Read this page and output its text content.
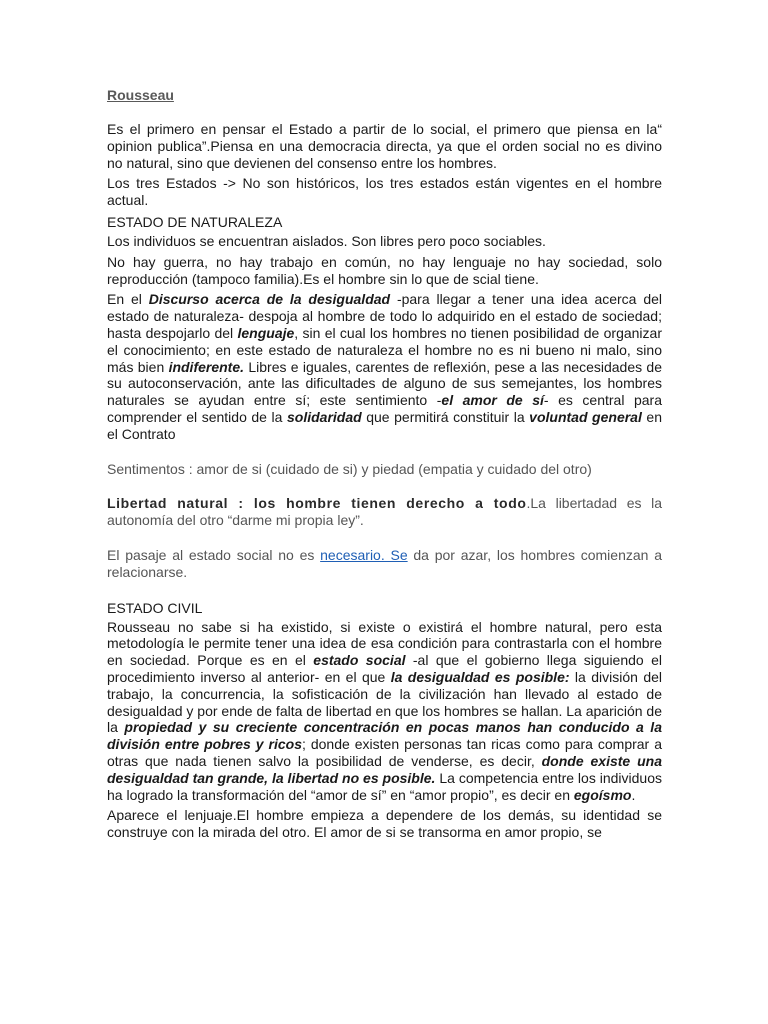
Rousseau

Es el primero en pensar el Estado a partir de lo social, el primero que piensa en la“ opinion publica”.Piensa en una democracia directa, ya que el orden social no es divino no natural, sino que devienen del consenso entre los hombres.

Los tres Estados -> No son históricos, los tres estados están vigentes en el hombre actual.

ESTADO DE NATURALEZA

Los individuos se encuentran aislados. Son libres pero poco sociables.

No hay guerra, no hay trabajo en común, no hay lenguaje no hay sociedad, solo reproducción (tampoco familia).Es el hombre sin lo que de scial tiene.

En el Discurso acerca de la desigualdad -para llegar a tener una idea acerca del estado de naturaleza- despoja al hombre de todo lo adquirido en el estado de sociedad; hasta despojarlo del lenguaje, sin el cual los hombres no tienen posibilidad de organizar el conocimiento; en este estado de naturaleza el hombre no es ni bueno ni malo, sino más bien indiferente. Libres e iguales, carentes de reflexión, pese a las necesidades de su autoconservación, ante las dificultades de alguno de sus semejantes, los hombres naturales se ayudan entre sí; este sentimiento -el amor de sí- es central para comprender el sentido de la solidaridad que permitirá constituir la voluntad general en el Contrato

Sentimentos : amor de si (cuidado de si) y piedad (empatia y cuidado del otro)

Libertad natural : los hombre tienen derecho a todo.La libertadad es la autonomía del otro “darme mi propia ley”.

El pasaje al estado social no es necesario. Se da por azar, los hombres comienzan a relacionarse.

ESTADO CIVIL

Rousseau no sabe si ha existido, si existe o existirá el hombre natural, pero esta metodología le permite tener una idea de esa condición para contrastarla con el hombre en sociedad. Porque es en el estado social -al que el gobierno llega siguiendo el procedimiento inverso al anterior- en el que la desigualdad es posible: la división del trabajo, la concurrencia, la sofisticación de la civilización han llevado al estado de desigualdad y por ende de falta de libertad en que los hombres se hallan. La aparición de la propiedad y su creciente concentración en pocas manos han conducido a la división entre pobres y ricos; donde existen personas tan ricas como para comprar a otras que nada tienen salvo la posibilidad de venderse, es decir, donde existe una desigualdad tan grande, la libertad no es posible. La competencia entre los individuos ha logrado la transformación del “amor de sí” en “amor propio”, es decir en egoísmo.

Aparece el lenjuaje.El hombre empieza a dependere de los demás, su identidad se construye con la mirada del otro. El amor de si se transorma en amor propio, se
